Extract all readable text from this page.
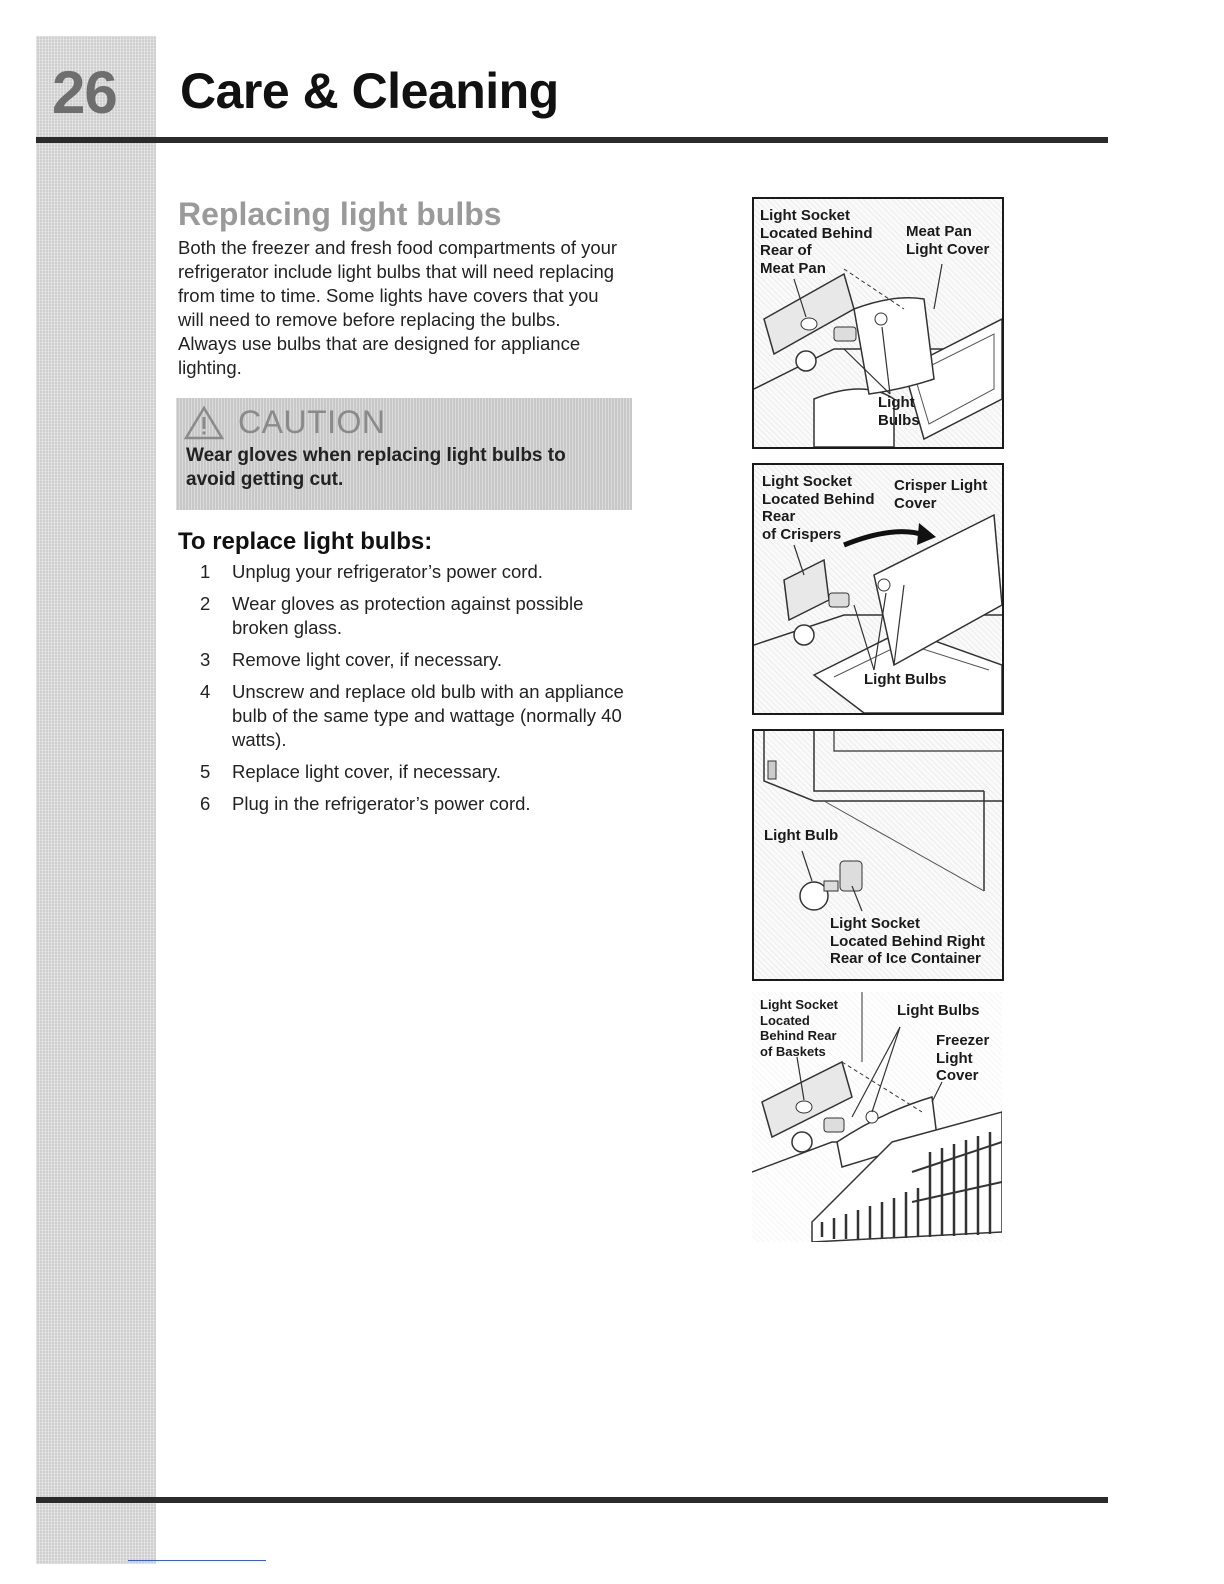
26 Care & Cleaning
Replacing light bulbs
Both the freezer and fresh food compartments of your refrigerator include light bulbs that will need replacing from time to time. Some lights have covers that you will need to remove before replacing the bulbs. Always use bulbs that are designed for appliance lighting.
CAUTION
Wear gloves when replacing light bulbs to avoid getting cut.
To replace light bulbs:
1	Unplug your refrigerator’s power cord.
2	Wear gloves as protection against possible broken glass.
3	Remove light cover, if necessary.
4	Unscrew and replace old bulb with an appliance bulb of the same type and wattage (normally 40 watts).
5	Replace light cover, if necessary.
6	Plug in the refrigerator’s power cord.
Light Socket
Located Behind
Rear of
Meat Pan
Meat Pan
Light Cover
Light
Bulbs
Light Socket
Located Behind
Rear
of Crispers
Crisper Light
Cover
Light Bulbs
Light Bulb
Light Socket
Located Behind Right
Rear of Ice Container
Light Socket
Located
Behind Rear
of Baskets
Light Bulbs
Freezer
Light
Cover
